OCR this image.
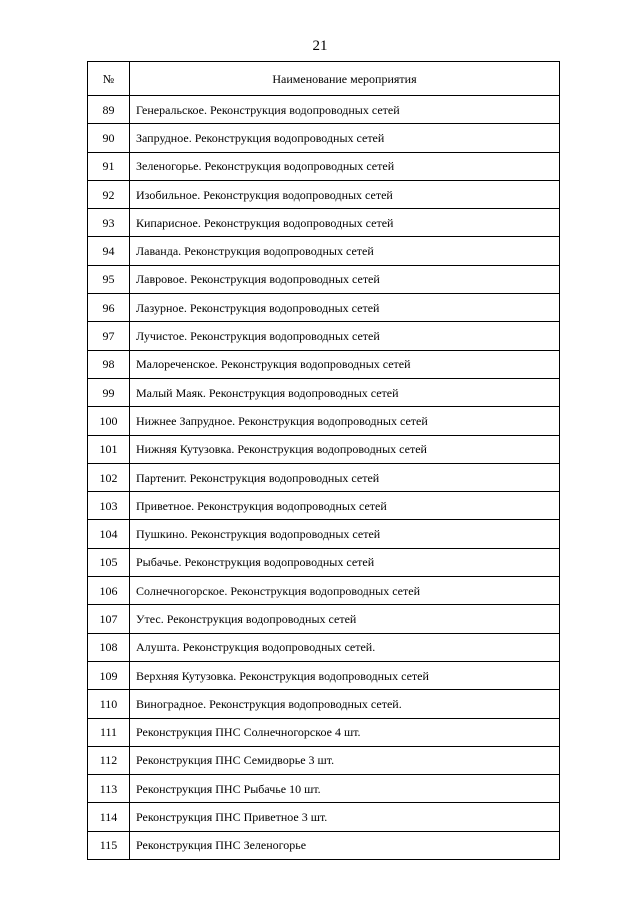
21
№	Наименование мероприятия
89	Генеральское. Реконструкция водопроводных сетей
90	Запрудное. Реконструкция водопроводных сетей
91	Зеленогорье. Реконструкция водопроводных сетей
92	Изобильное. Реконструкция водопроводных сетей
93	Кипарисное. Реконструкция водопроводных сетей
94	Лаванда. Реконструкция водопроводных сетей
95	Лавровое. Реконструкция водопроводных сетей
96	Лазурное. Реконструкция водопроводных сетей
97	Лучистое. Реконструкция водопроводных сетей
98	Малореченское. Реконструкция водопроводных сетей
99	Малый Маяк. Реконструкция водопроводных сетей
100	Нижнее Запрудное. Реконструкция водопроводных сетей
101	Нижняя Кутузовка. Реконструкция водопроводных сетей
102	Партенит. Реконструкция водопроводных сетей
103	Приветное. Реконструкция водопроводных сетей
104	Пушкино. Реконструкция водопроводных сетей
105	Рыбачье. Реконструкция водопроводных сетей
106	Солнечногорское. Реконструкция водопроводных сетей
107	Утес. Реконструкция водопроводных сетей
108	Алушта. Реконструкция водопроводных сетей.
109	Верхняя Кутузовка. Реконструкция водопроводных сетей
110	Виноградное. Реконструкция водопроводных сетей.
111	Реконструкция ПНС Солнечногорское 4 шт.
112	Реконструкция ПНС Семидворье 3 шт.
113	Реконструкция ПНС Рыбачье 10 шт.
114	Реконструкция ПНС Приветное 3 шт.
115	Реконструкция ПНС Зеленогорье
